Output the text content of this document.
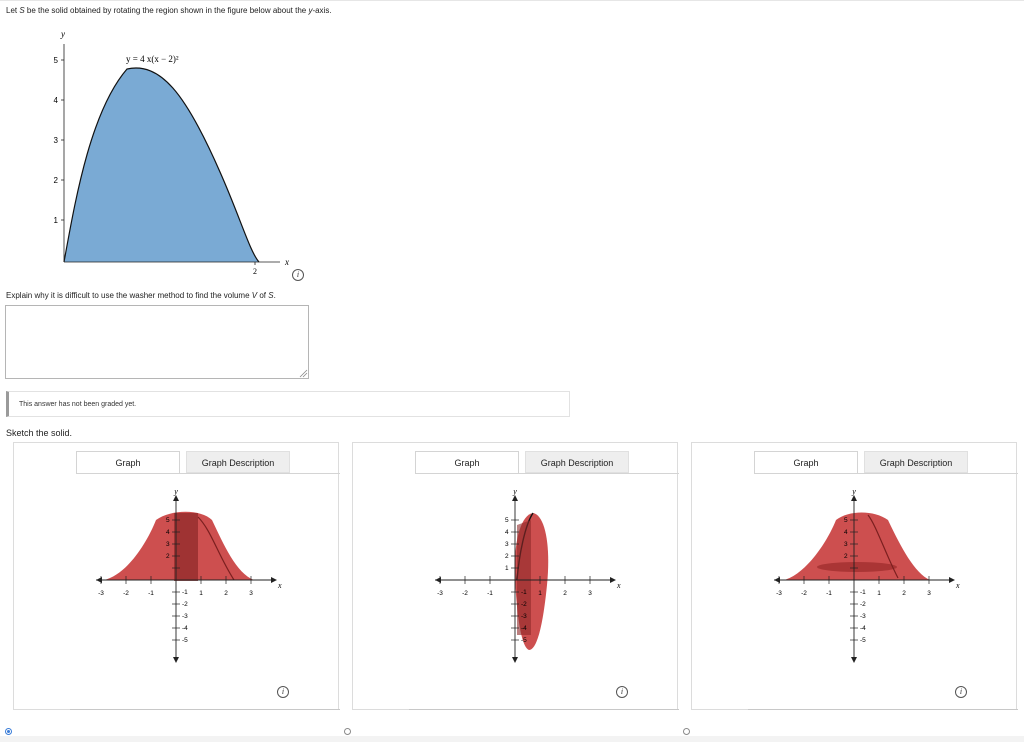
Let S be the solid obtained by rotating the region shown in the figure below about the y-axis.
y
x
1
2
3
4
5
2
y = 4 x(x − 2)²
i
Explain why it is difficult to use the washer method to find the volume V of S.
This answer has not been graded yet.
Sketch the solid.
Graph	Graph Description
y
x
-3	-2	-1	1	2	3
5
4
3
2
-1
-2
-3
-4
-5
i
Graph	Graph Description
y
x
-3	-2	-1	1	2	3
5
4
3
2
1
-1
-2
-3
-4
-5
i
Graph	Graph Description
y
x
-3	-2	-1	1	2	3
5
4
3
2
-1
-2
-3
-4
-5
i
